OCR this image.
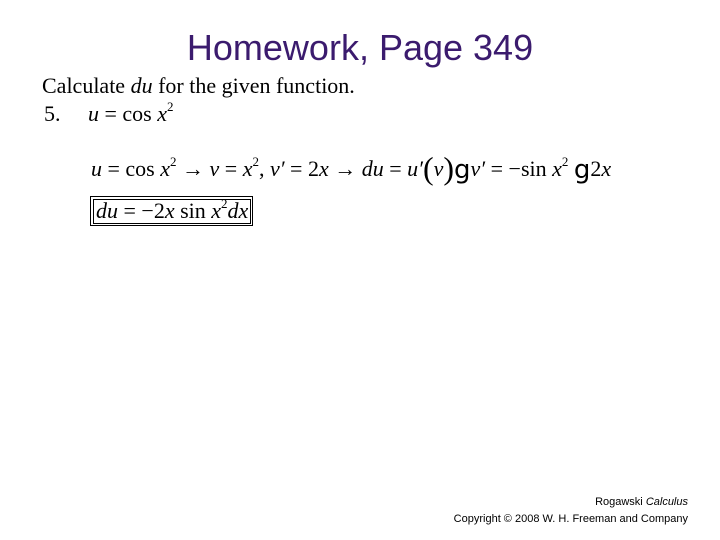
Homework, Page 349
Calculate du for the given function.
5. $u = \cos x^2$
$u = \cos x^2 \to v = x^2$, v′ = 2x → du = u′(v)gv′ = −sin $x^2$ g2x
du = −2x $\sin x^2dx$
Rogawski Calculus
Copyright © 2008 W. H. Freeman and Company
